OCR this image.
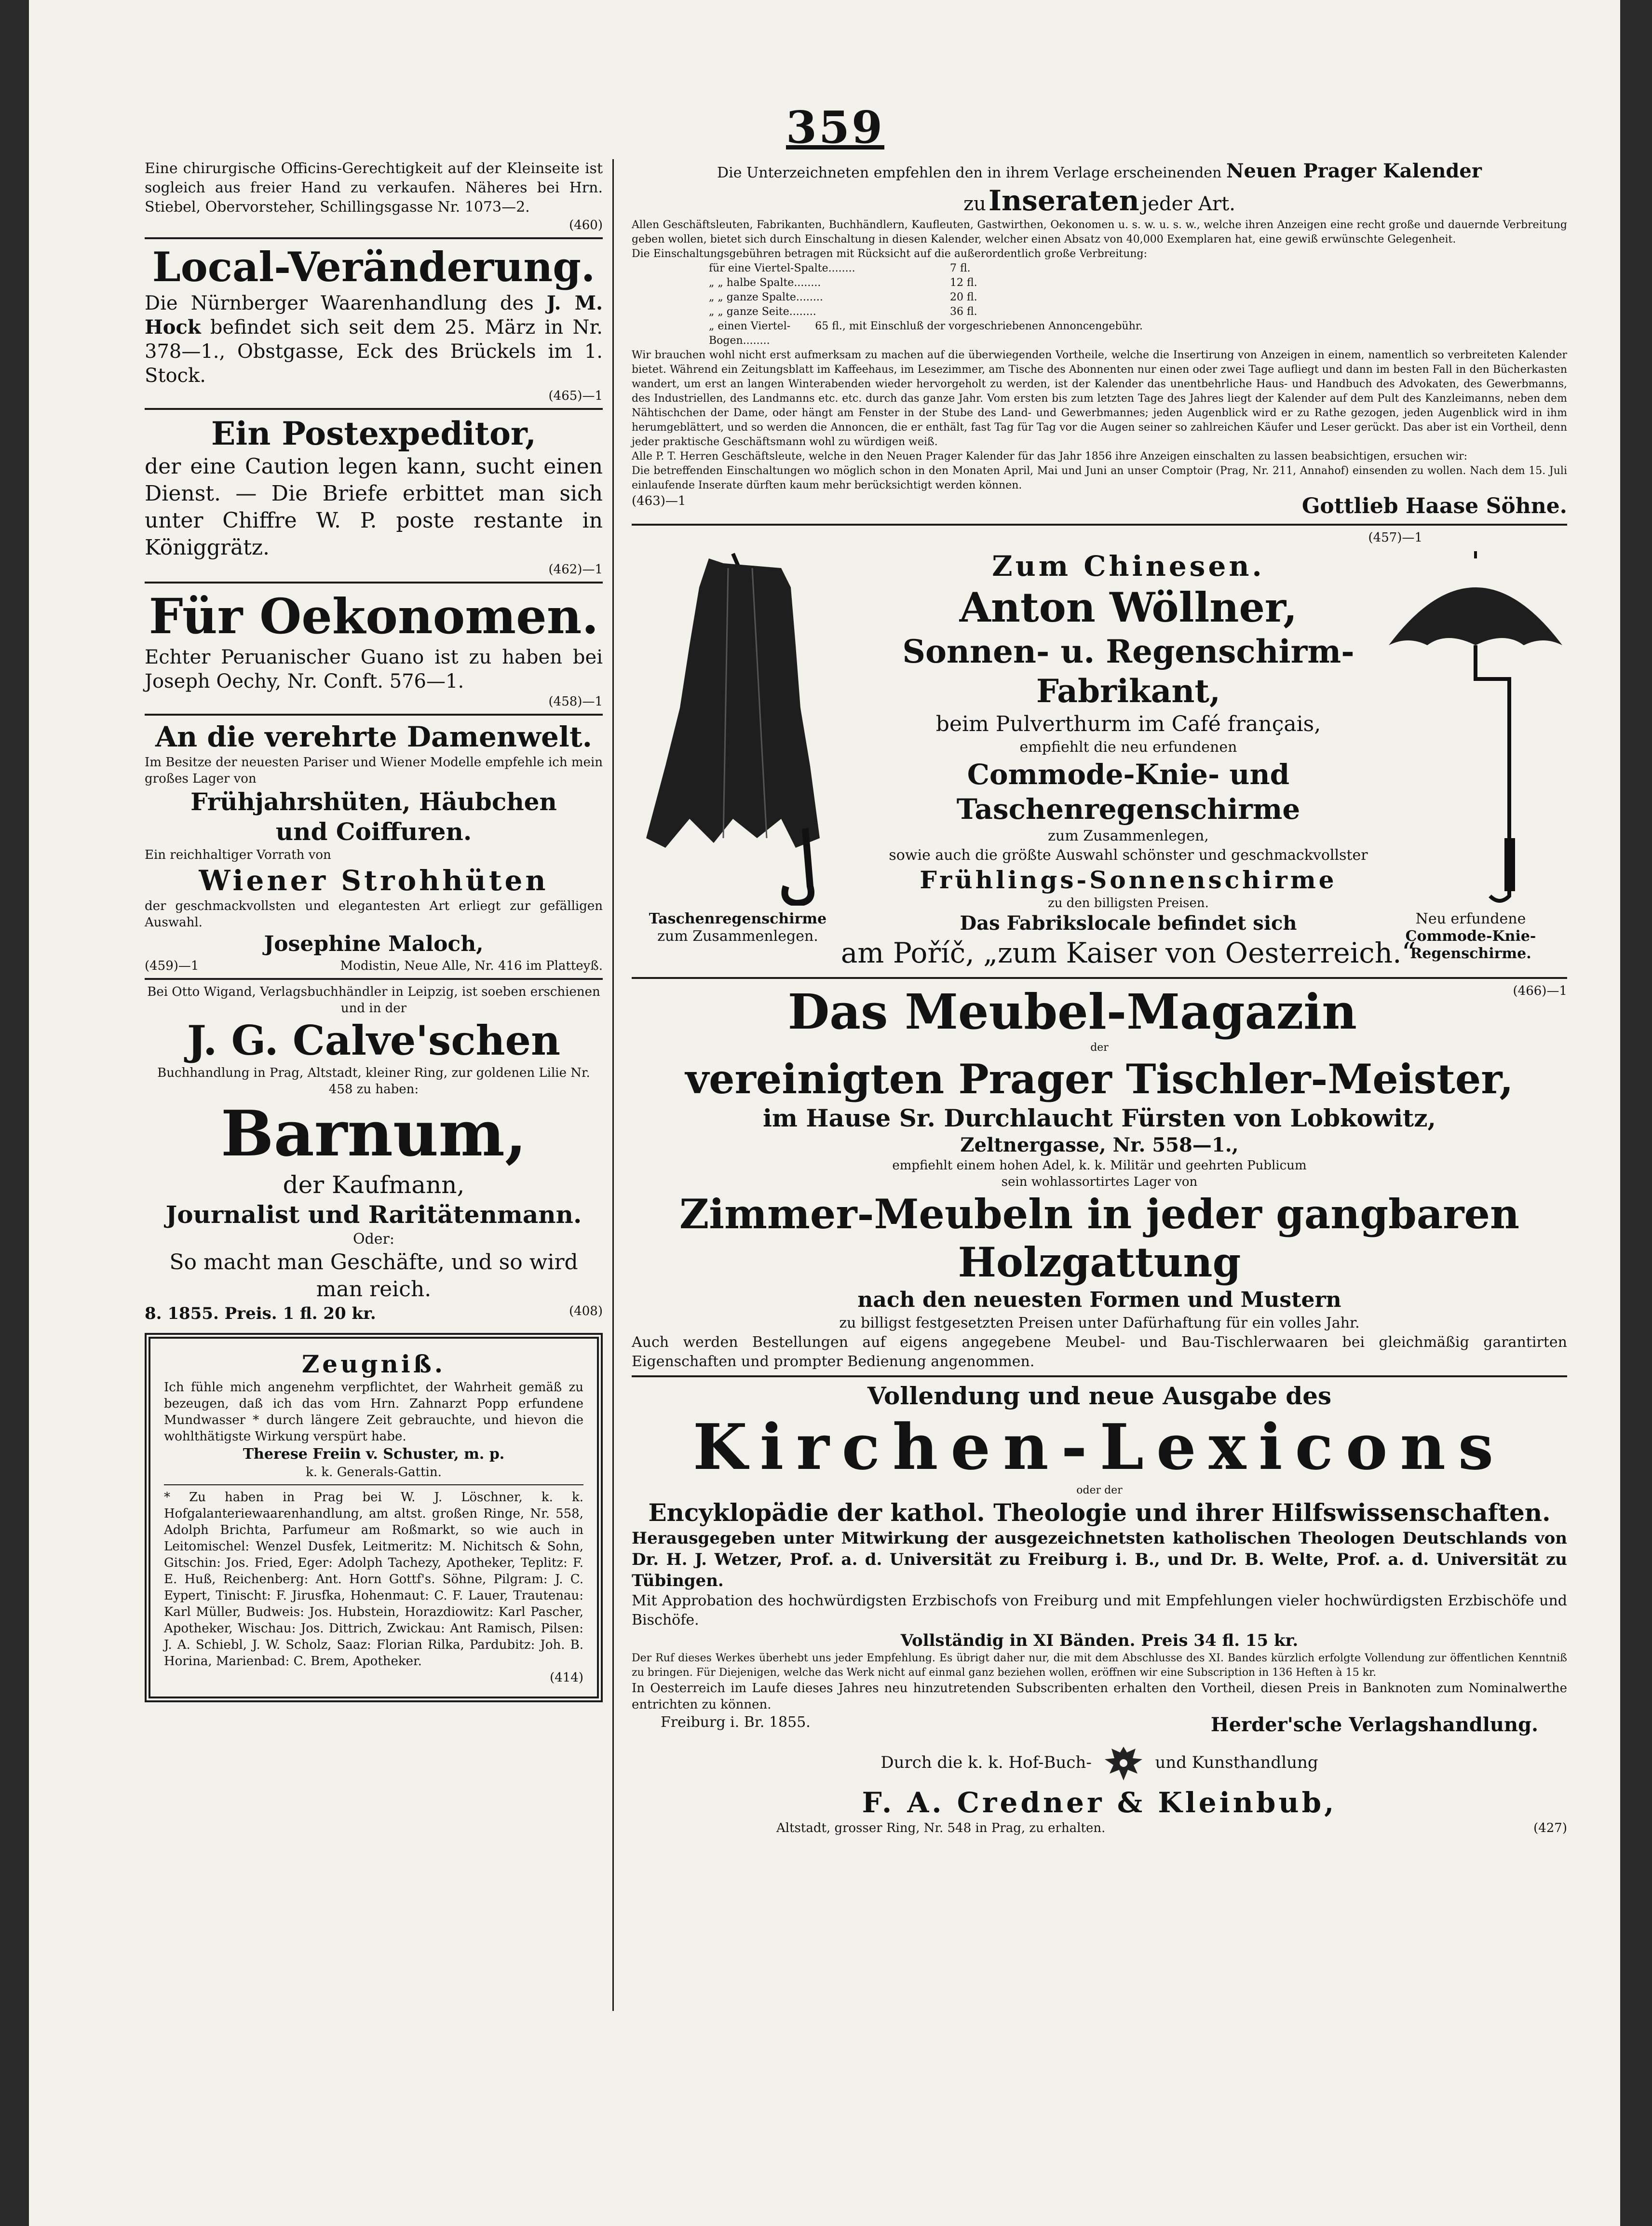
359
Eine chirurgische Officins-Gerechtigkeit auf der Kleinseite ist sogleich aus freier Hand zu verkaufen. Näheres bei Hrn. Stiebel, Obervorsteher, Schillingsgasse Nr. 1073—2.
(460)
Local-Veränderung.
Die Nürnberger Waarenhandlung des J. M. Hock befindet sich seit dem 25. März in Nr. 378—1., Obstgasse, Eck des Brückels im 1. Stock.
(465)—1
Ein Postexpeditor,
der eine Caution legen kann, sucht einen Dienst. — Die Briefe erbittet man sich unter Chiffre W. P. poste restante in Königgrätz.
(462)—1
Für Oekonomen.
Echter Peruanischer Guano ist zu haben bei Joseph Oechy, Nr. Conft. 576—1.
(458)—1
An die verehrte Damenwelt.
Im Besitze der neuesten Pariser und Wiener Modelle empfehle ich mein großes Lager von
Frühjahrshüten, Häubchen
und Coiffuren.
Ein reichhaltiger Vorrath von
Wiener Strohhüten
der geschmackvollsten und elegantesten Art erliegt zur gefälligen Auswahl.
Josephine Maloch,
(459)—1	Modistin, Neue Alle, Nr. 416 im Platteyß.
Bei Otto Wigand, Verlagsbuchhändler in Leipzig, ist soeben erschienen und in der
J. G. Calve'schen
Buchhandlung in Prag, Altstadt, kleiner Ring, zur goldenen Lilie Nr. 458 zu haben:
Barnum,
der Kaufmann,
Journalist und Raritätenmann.
Oder:
So macht man Geschäfte, und so wird man reich.
8. 1855. Preis. 1 fl. 20 kr.	(408)
Zeugniß.
Ich fühle mich angenehm verpflichtet, der Wahrheit gemäß zu bezeugen, daß ich das vom Hrn. Zahnarzt Popp erfundene Mundwasser * durch längere Zeit gebrauchte, und hievon die wohlthätigste Wirkung verspürt habe.
Therese Freiin v. Schuster, m. p.
k. k. Generals-Gattin.
* Zu haben in Prag bei W. J. Löschner, k. k. Hofgalanteriewaarenhandlung, am altst. großen Ringe, Nr. 558, Adolph Brichta, Parfumeur am Roßmarkt, so wie auch in Leitomischel: Wenzel Dusfek, Leitmeritz: M. Nichitsch & Sohn, Gitschin: Jos. Fried, Eger: Adolph Tachezy, Apotheker, Teplitz: F. E. Huß, Reichenberg: Ant. Horn Gottf's. Söhne, Pilgram: J. C. Eypert, Tinischt: F. Jirusfka, Hohenmaut: C. F. Lauer, Trautenau: Karl Müller, Budweis: Jos. Hubstein, Horazdiowitz: Karl Pascher, Apotheker, Wischau: Jos. Dittrich, Zwickau: Ant Ramisch, Pilsen: J. A. Schiebl, J. W. Scholz, Saaz: Florian Rilka, Pardubitz: Joh. B. Horina, Marienbad: C. Brem, Apotheker.
(414)
Die Unterzeichneten empfehlen den in ihrem Verlage erscheinenden Neuen Prager Kalender
zu Inseraten jeder Art.
Allen Geschäftsleuten, Fabrikanten, Buchhändlern, Kaufleuten, Gastwirthen, Oekonomen u. s. w. u. s. w., welche ihren Anzeigen eine recht große und dauernde Verbreitung geben wollen, bietet sich durch Einschaltung in diesen Kalender, welcher einen Absatz von 40,000 Exemplaren hat, eine gewiß erwünschte Gelegenheit.
Die Einschaltungsgebühren betragen mit Rücksicht auf die außerordentlich große Verbreitung:
für eine Viertel-Spalte........	7 fl.
„ „ halbe Spalte........	12 fl.
„ „ ganze Spalte........	20 fl.
„ „ ganze Seite........	36 fl.
„ einen Viertel-Bogen........
65 fl., mit Einschluß der vorgeschriebenen Annoncengebühr.
Wir brauchen wohl nicht erst aufmerksam zu machen auf die überwiegenden Vortheile, welche die Insertirung von Anzeigen in einem, namentlich so verbreiteten Kalender bietet. Während ein Zeitungsblatt im Kaffeehaus, im Lesezimmer, am Tische des Abonnenten nur einen oder zwei Tage aufliegt und dann im besten Fall in den Bücherkasten wandert, um erst an langen Winterabenden wieder hervorgeholt zu werden, ist der Kalender das unentbehrliche Haus- und Handbuch des Advokaten, des Gewerbmanns, des Industriellen, des Landmanns etc. etc. durch das ganze Jahr. Vom ersten bis zum letzten Tage des Jahres liegt der Kalender auf dem Pult des Kanzleimanns, neben dem Nähtischchen der Dame, oder hängt am Fenster in der Stube des Land- und Gewerbmannes; jeden Augenblick wird er zu Rathe gezogen, jeden Augenblick wird in ihm herumgeblättert, und so werden die Annoncen, die er enthält, fast Tag für Tag vor die Augen seiner so zahlreichen Käufer und Leser gerückt. Das aber ist ein Vortheil, denn jeder praktische Geschäftsmann wohl zu würdigen weiß.
Alle P. T. Herren Geschäftsleute, welche in den Neuen Prager Kalender für das Jahr 1856 ihre Anzeigen einschalten zu lassen beabsichtigen, ersuchen wir:
Die betreffenden Einschaltungen wo möglich schon in den Monaten April, Mai und Juni an unser Comptoir (Prag, Nr. 211, Annahof) einsenden zu wollen. Nach dem 15. Juli einlaufende Inserate dürften kaum mehr berücksichtigt werden können.
(463)—1	Gottlieb Haase Söhne.
(457)—1
Taschenregenschirme
zum Zusammenlegen.
Neu erfundene
Commode-Knie-
Regenschirme.
Zum Chinesen.
Anton Wöllner,
Sonnen- u. Regenschirm-Fabrikant,
beim Pulverthurm im Café français,
empfiehlt die neu erfundenen
Commode-Knie- und Taschenregenschirme
zum Zusammenlegen,
sowie auch die größte Auswahl schönster und geschmackvollster
Frühlings-Sonnenschirme
zu den billigsten Preisen.
Das Fabrikslocale befindet sich
am Poříč, „zum Kaiser von Oesterreich.“
Das Meubel-Magazin	(466)—1
der
vereinigten Prager Tischler-Meister,
im Hause Sr. Durchlaucht Fürsten von Lobkowitz,
Zeltnergasse, Nr. 558—1.,
empfiehlt einem hohen Adel, k. k. Militär und geehrten Publicum
sein wohlassortirtes Lager von
Zimmer-Meubeln in jeder gangbaren Holzgattung
nach den neuesten Formen und Mustern
zu billigst festgesetzten Preisen unter Dafürhaftung für ein volles Jahr.
Auch werden Bestellungen auf eigens angegebene Meubel- und Bau-Tischlerwaaren bei gleichmäßig garantirten Eigenschaften und prompter Bedienung angenommen.
Vollendung und neue Ausgabe des
Kirchen-Lexicons
oder der
Encyklopädie der kathol. Theologie und ihrer Hilfswissenschaften.
Herausgegeben unter Mitwirkung der ausgezeichnetsten katholischen Theologen Deutschlands von Dr. H. J. Wetzer, Prof. a. d. Universität zu Freiburg i. B., und Dr. B. Welte, Prof. a. d. Universität zu Tübingen.
Mit Approbation des hochwürdigsten Erzbischofs von Freiburg und mit Empfehlungen vieler hochwürdigsten Erzbischöfe und Bischöfe.
Vollständig in XI Bänden. Preis 34 fl. 15 kr.
Der Ruf dieses Werkes überhebt uns jeder Empfehlung. Es übrigt daher nur, die mit dem Abschlusse des XI. Bandes kürzlich erfolgte Vollendung zur öffentlichen Kenntniß zu bringen. Für Diejenigen, welche das Werk nicht auf einmal ganz beziehen wollen, eröffnen wir eine Subscription in 136 Heften à 15 kr.
In Oesterreich im Laufe dieses Jahres neu hinzutretenden Subscribenten erhalten den Vortheil, diesen Preis in Banknoten zum Nominalwerthe entrichten zu können.
Freiburg i. Br. 1855.	Herder'sche Verlagshandlung.
Durch die k. k. Hof-Buch-	und Kunsthandlung
F. A. Credner & Kleinbub,
Altstadt, grosser Ring, Nr. 548 in Prag, zu erhalten.	(427)
